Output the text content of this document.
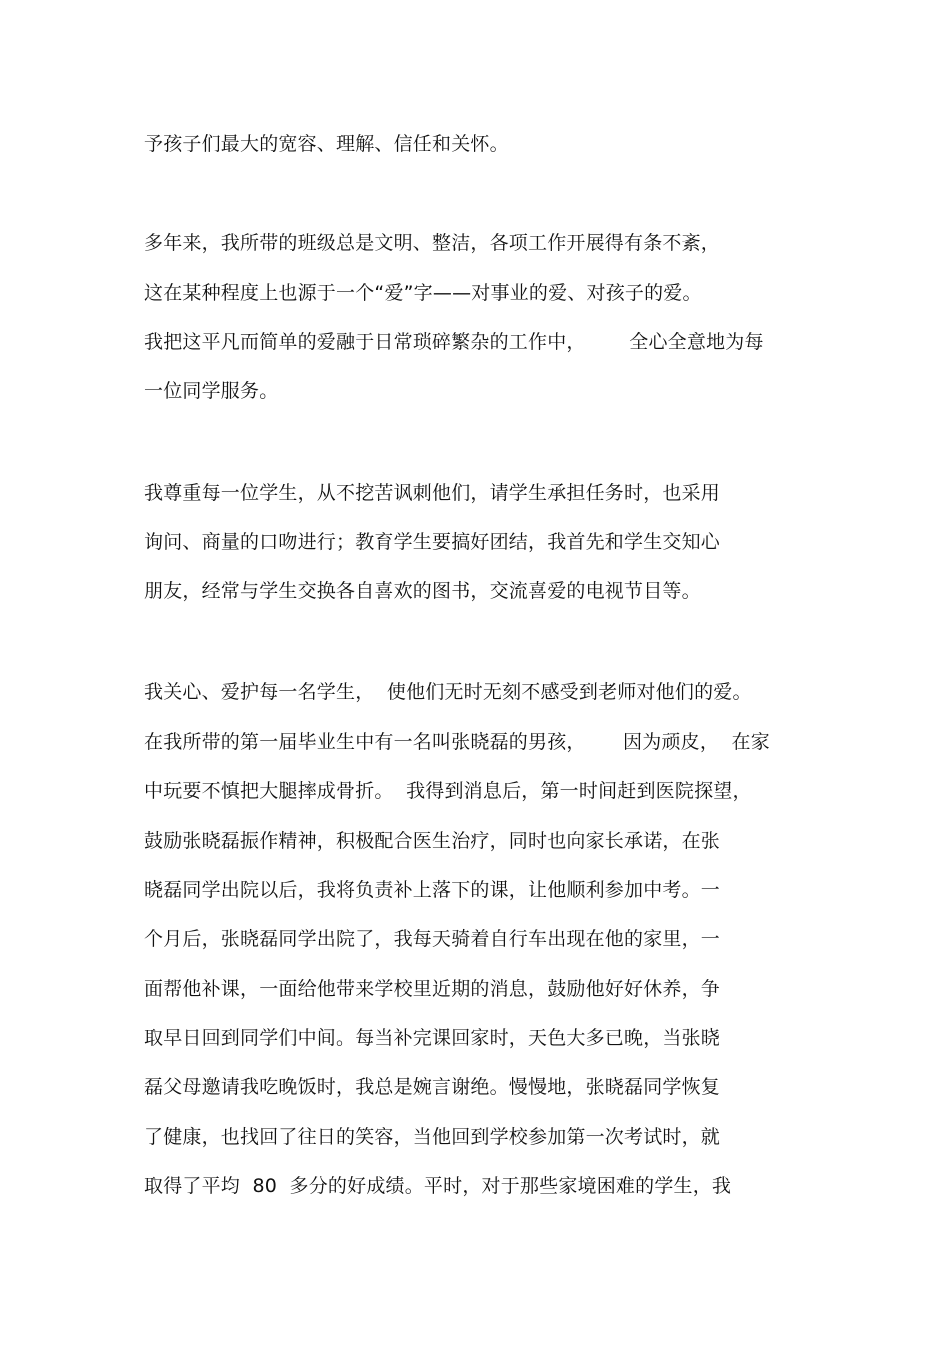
予孩子们最大的宽容、理解、信任和关怀。
多年来，我所带的班级总是文明、整洁，各项工作开展得有条不紊，
这在某种程度上也源于一个“爱”字——对事业的爱、对孩子的爱。
我把这平凡而简单的爱融于日常琐碎繁杂的工作中，       全心全意地为每
一位同学服务。
我尊重每一位学生，从不挖苦讽刺他们，请学生承担任务时，也采用
询问、商量的口吻进行；教育学生要搞好团结，我首先和学生交知心
朋友，经常与学生交换各自喜欢的图书，交流喜爱的电视节目等。
我关心、爱护每一名学生，  使他们无时无刻不感受到老师对他们的爱。
在我所带的第一届毕业生中有一名叫张晓磊的男孩，      因为顽皮，  在家
中玩要不慎把大腿摔成骨折。  我得到消息后，第一时间赶到医院探望，
鼓励张晓磊振作精神，积极配合医生治疗，同时也向家长承诺，在张
晓磊同学出院以后，我将负责补上落下的课，让他顺利参加中考。一
个月后，张晓磊同学出院了，我每天骑着自行车出现在他的家里，一
面帮他补课，一面给他带来学校里近期的消息，鼓励他好好休养，争
取早日回到同学们中间。每当补完课回家时，天色大多已晚，当张晓
磊父母邀请我吃晚饭时，我总是婉言谢绝。慢慢地，张晓磊同学恢复
了健康，也找回了往日的笑容，当他回到学校参加第一次考试时，就
取得了平均  80  多分的好成绩。平时，对于那些家境困难的学生，我
